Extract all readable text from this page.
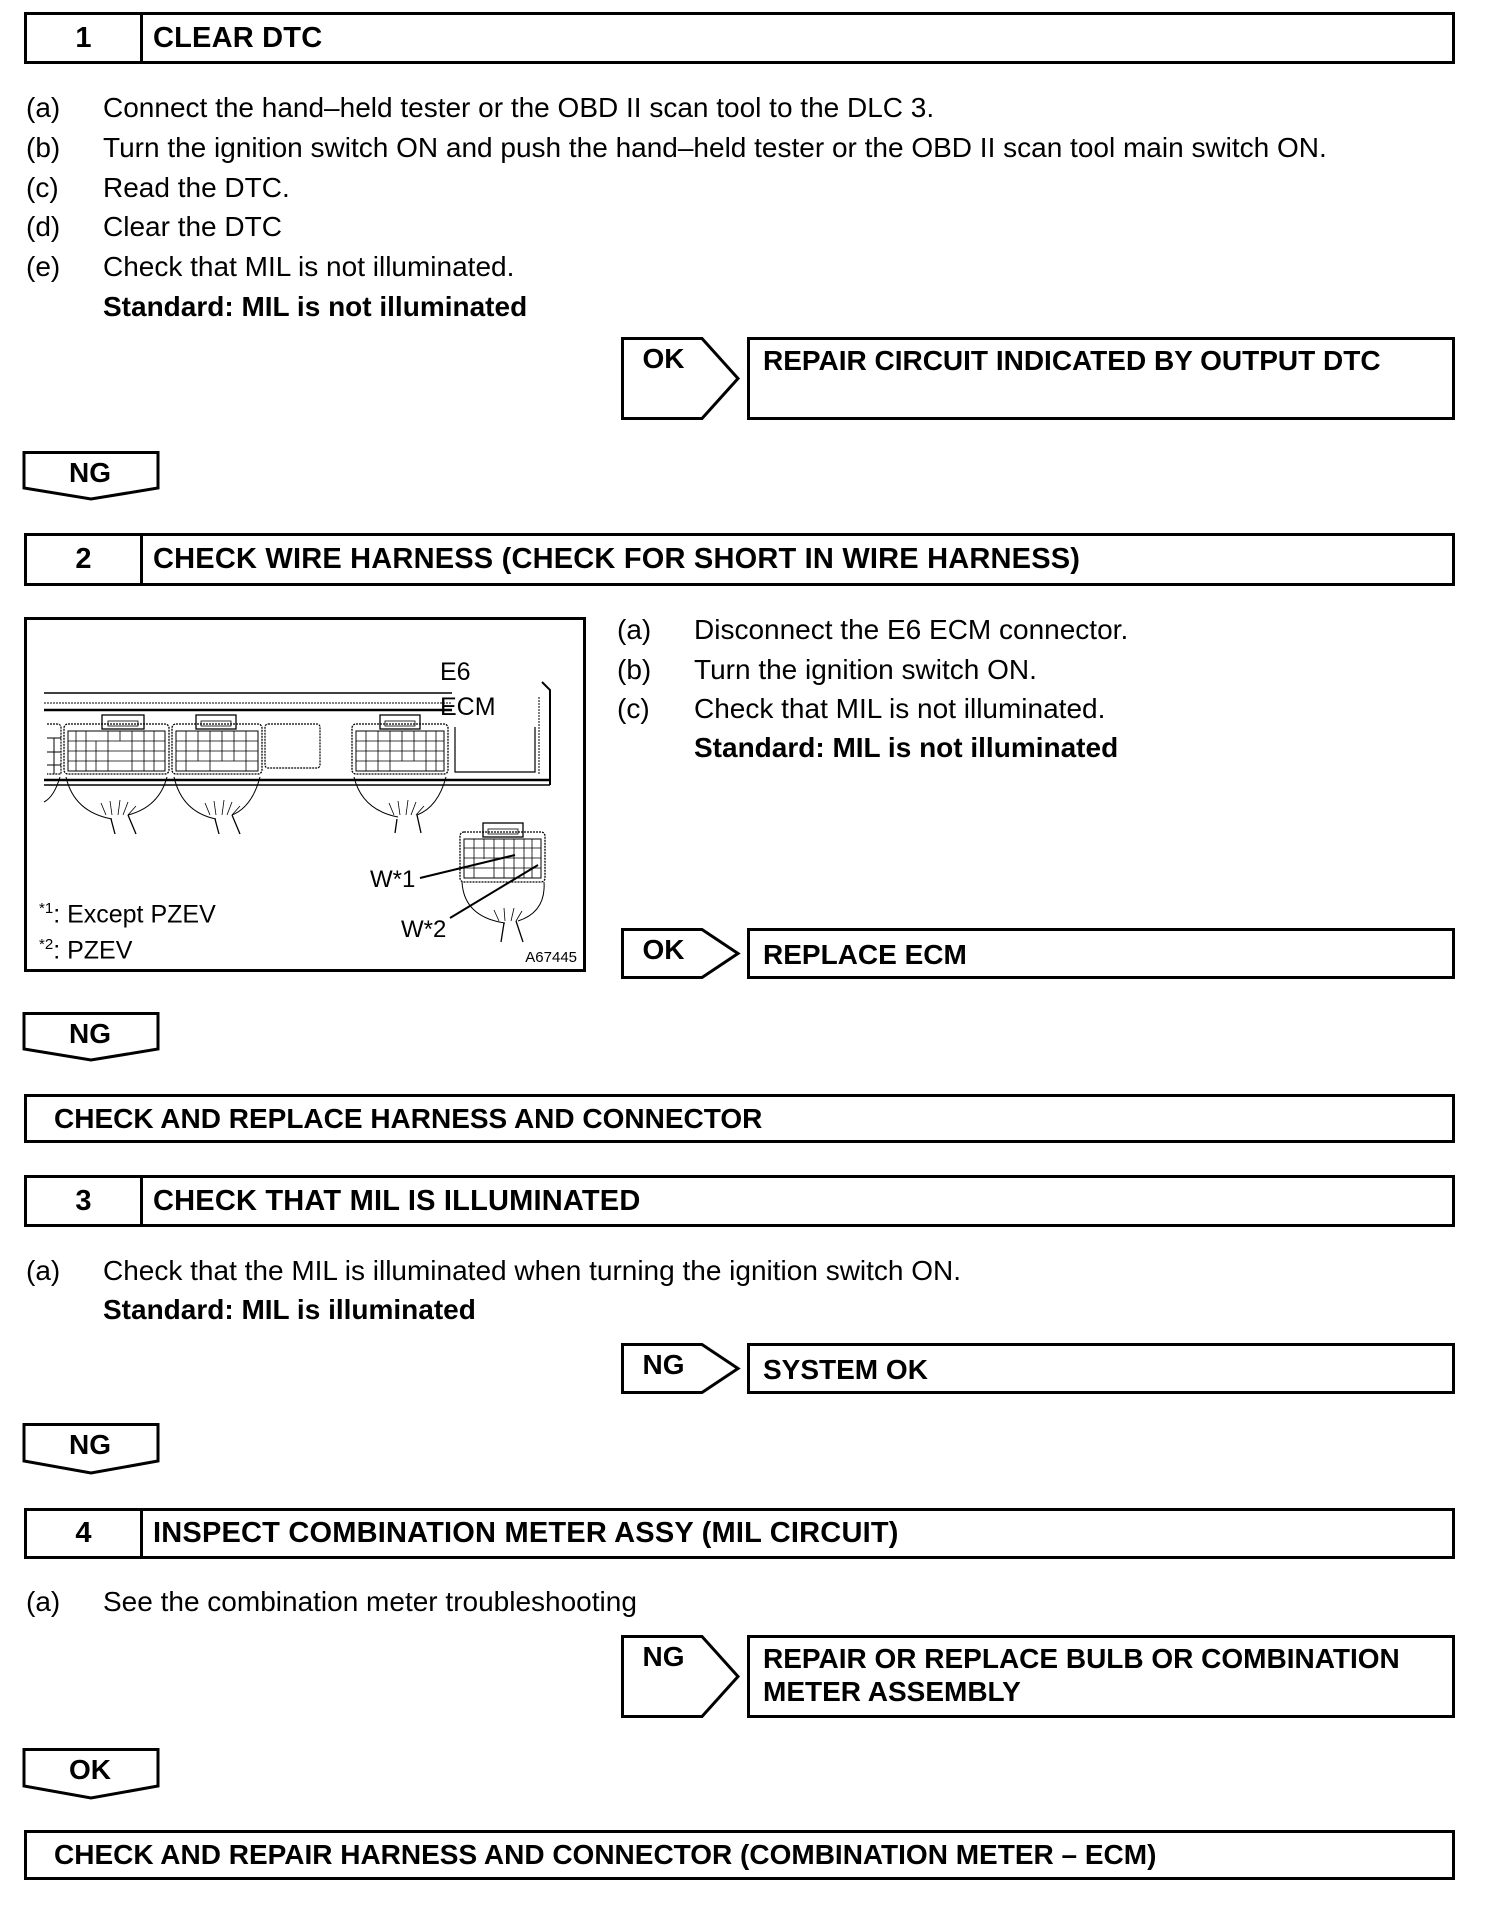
1	CLEAR DTC
(a) Connect the hand–held tester or the OBD II scan tool to the DLC 3.
(b) Turn the ignition switch ON and push the hand–held tester or the OBD II scan tool main switch ON.
(c) Read the DTC.
(d) Clear the DTC
(e) Check that MIL is not illuminated.
Standard: MIL is not illuminated
OK	REPAIR CIRCUIT INDICATED BY OUTPUT DTC
NG
2	CHECK WIRE HARNESS (CHECK FOR SHORT IN WIRE HARNESS)
E6
ECM
W*1
W*2
$^{*1}$: Except PZEV
$^{*2}$: PZEV	A67445
(a) Disconnect the E6 ECM connector.
(b) Turn the ignition switch ON.
(c) Check that MIL is not illuminated.
Standard: MIL is not illuminated
OK	REPLACE ECM
NG
CHECK AND REPLACE HARNESS AND CONNECTOR
3	CHECK THAT MIL IS ILLUMINATED
(a) Check that the MIL is illuminated when turning the ignition switch ON.
Standard: MIL is illuminated
NG	SYSTEM OK
NG
4	INSPECT COMBINATION METER ASSY (MIL CIRCUIT)
(a) See the combination meter troubleshooting
NG	REPAIR OR REPLACE BULB OR COMBINATION
METER ASSEMBLY
OK
CHECK AND REPAIR HARNESS AND CONNECTOR (COMBINATION METER – ECM)
